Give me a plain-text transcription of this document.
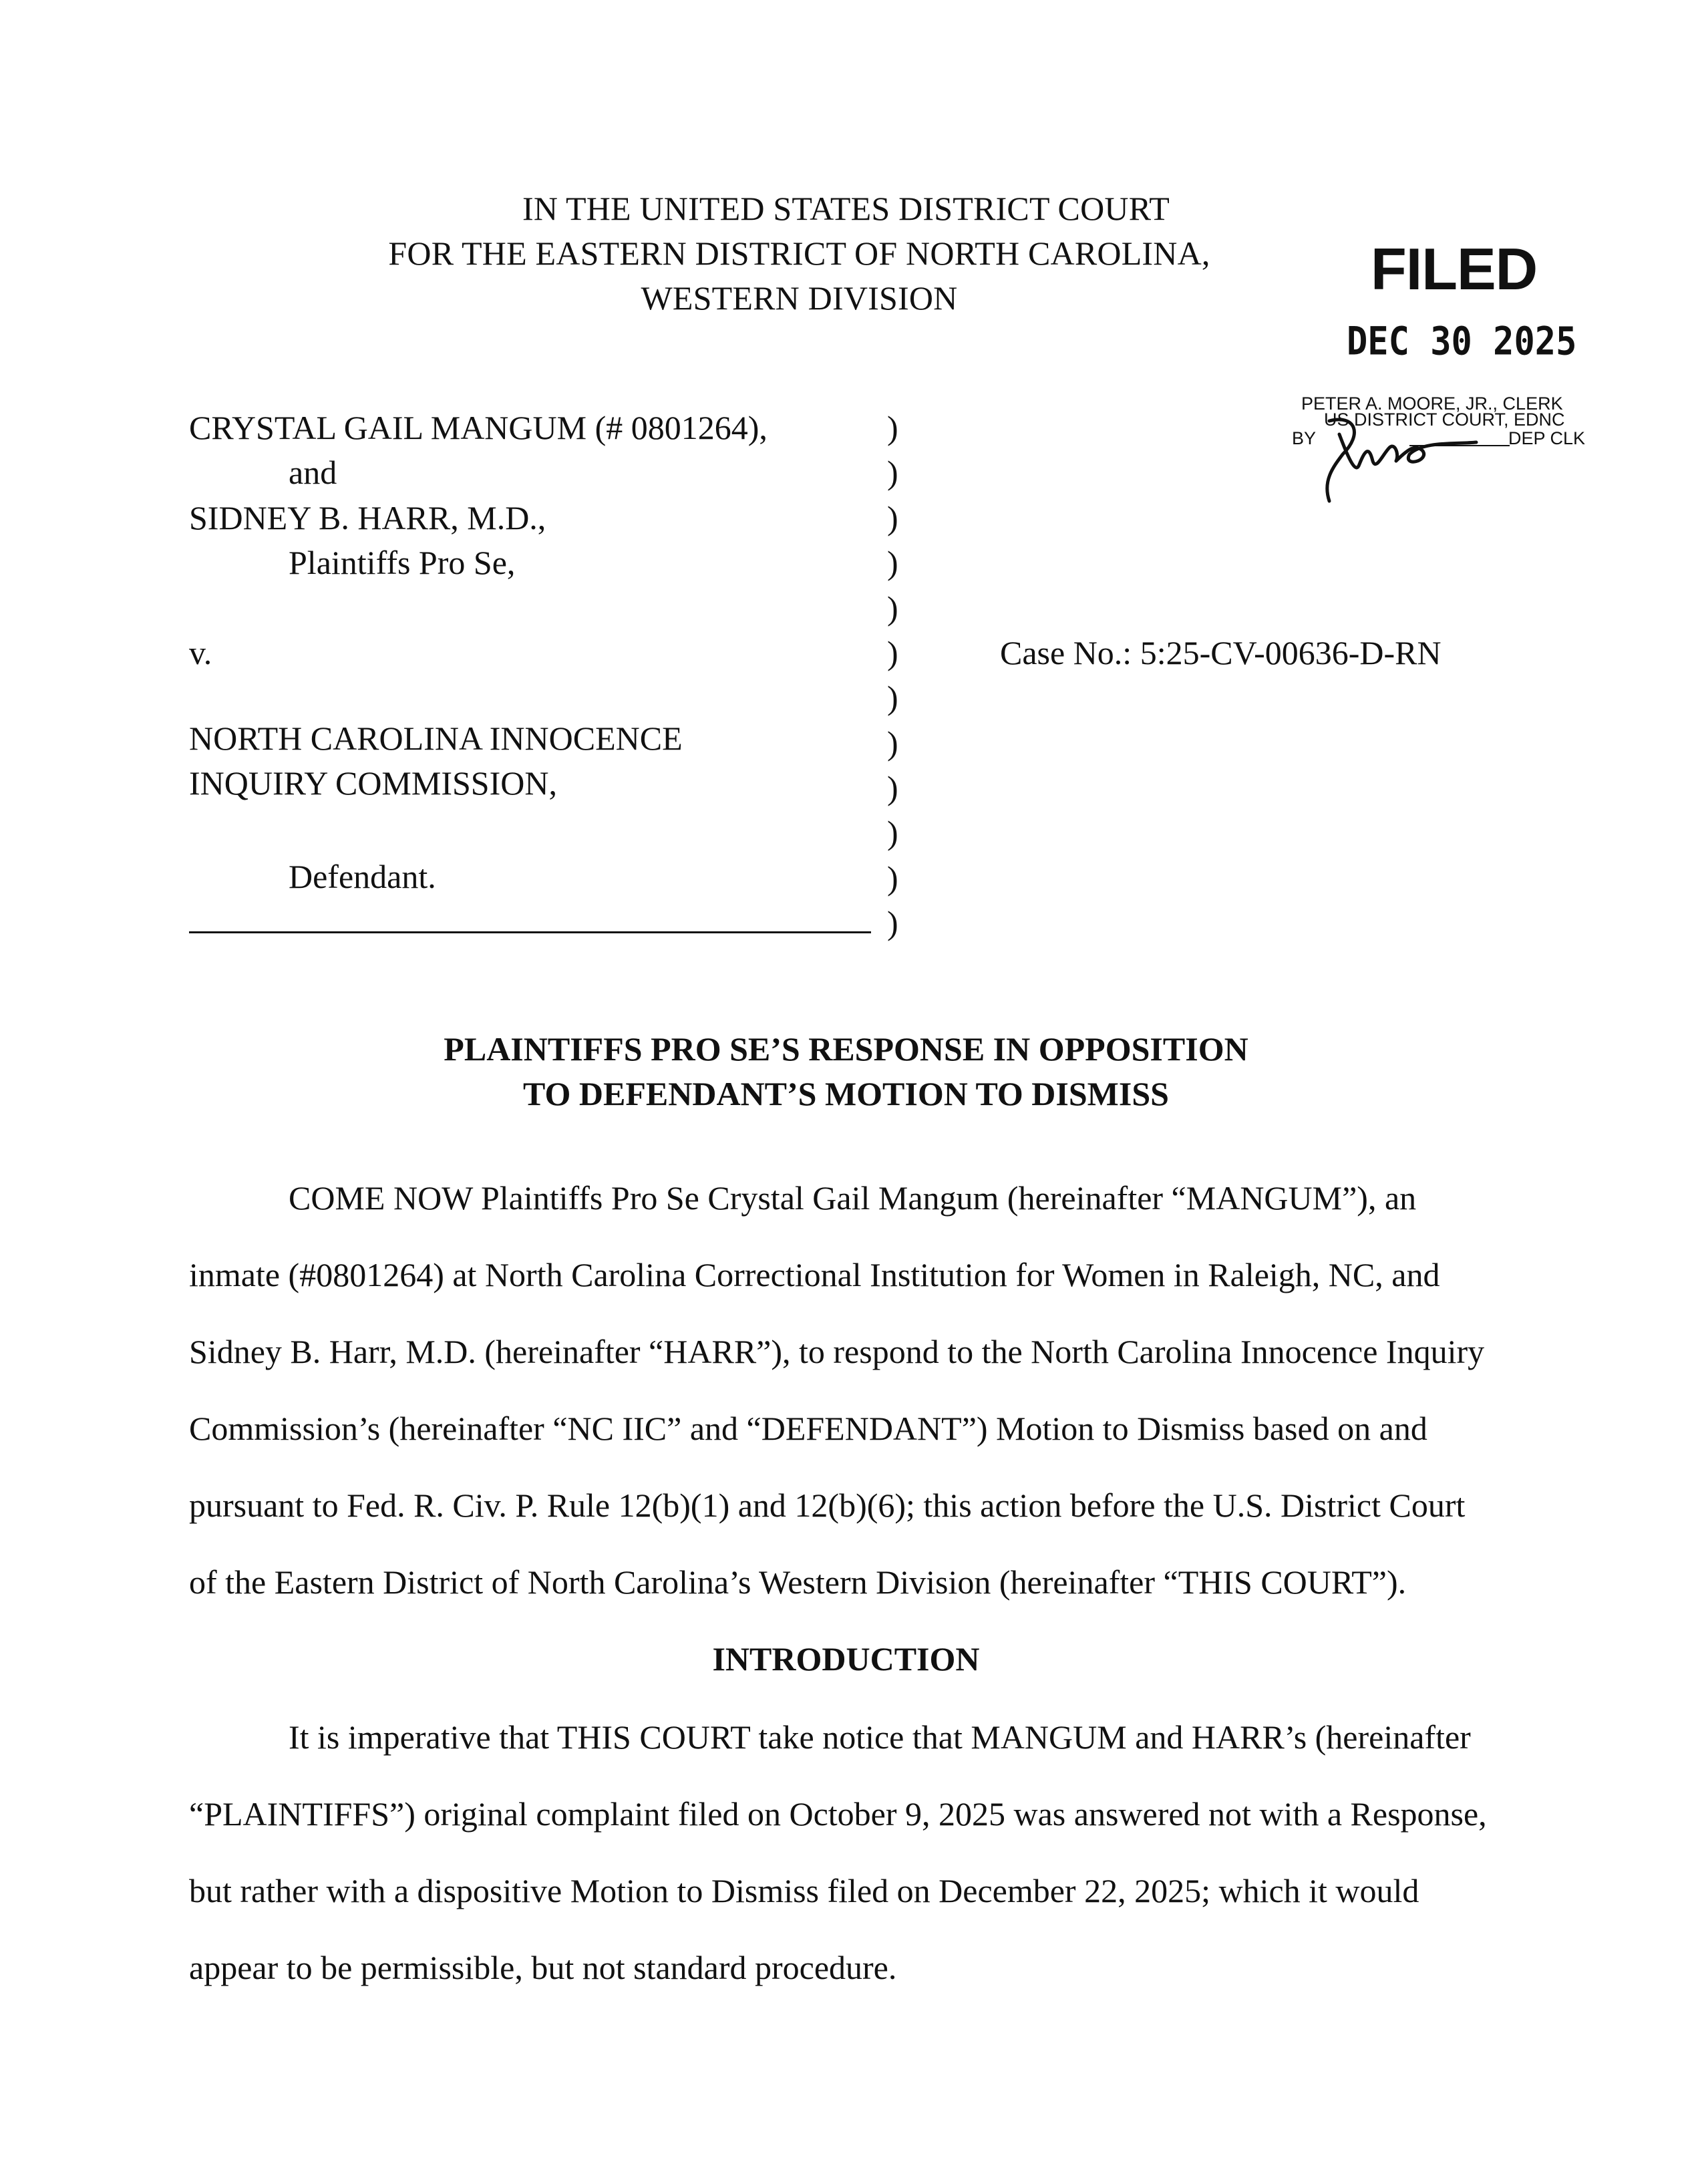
IN THE UNITED STATES DISTRICT COURT
FOR THE EASTERN DISTRICT OF NORTH CAROLINA,
WESTERN DIVISION	FILED
DEC 30 2025
PETER A. MOORE, JR., CLERK
US DISTRICT COURT, EDNC
BY	DEP CLK
CRYSTAL GAIL MANGUM (# 0801264),
and
SIDNEY B. HARR, M.D.,
Plaintiffs Pro Se,
v.
NORTH CAROLINA INNOCENCE
INQUIRY COMMISSION,
Defendant.
)
)
)
)
)
)
)
)
)
)
)
)
Case No.: 5:25-CV-00636-D-RN
PLAINTIFFS PRO SE’S RESPONSE IN OPPOSITION
TO DEFENDANT’S MOTION TO DISMISS
COME NOW Plaintiffs Pro Se Crystal Gail Mangum (hereinafter “MANGUM”), an
inmate (#0801264) at North Carolina Correctional Institution for Women in Raleigh, NC, and
Sidney B. Harr, M.D. (hereinafter “HARR”), to respond to the North Carolina Innocence Inquiry
Commission’s (hereinafter “NC IIC” and “DEFENDANT”) Motion to Dismiss based on and
pursuant to Fed. R. Civ. P. Rule 12(b)(1) and 12(b)(6); this action before the U.S. District Court
of the Eastern District of North Carolina’s Western Division (hereinafter “THIS COURT”).
INTRODUCTION
It is imperative that THIS COURT take notice that MANGUM and HARR’s (hereinafter
“PLAINTIFFS”) original complaint filed on October 9, 2025 was answered not with a Response,
but rather with a dispositive Motion to Dismiss filed on December 22, 2025; which it would
appear to be permissible, but not standard procedure.
